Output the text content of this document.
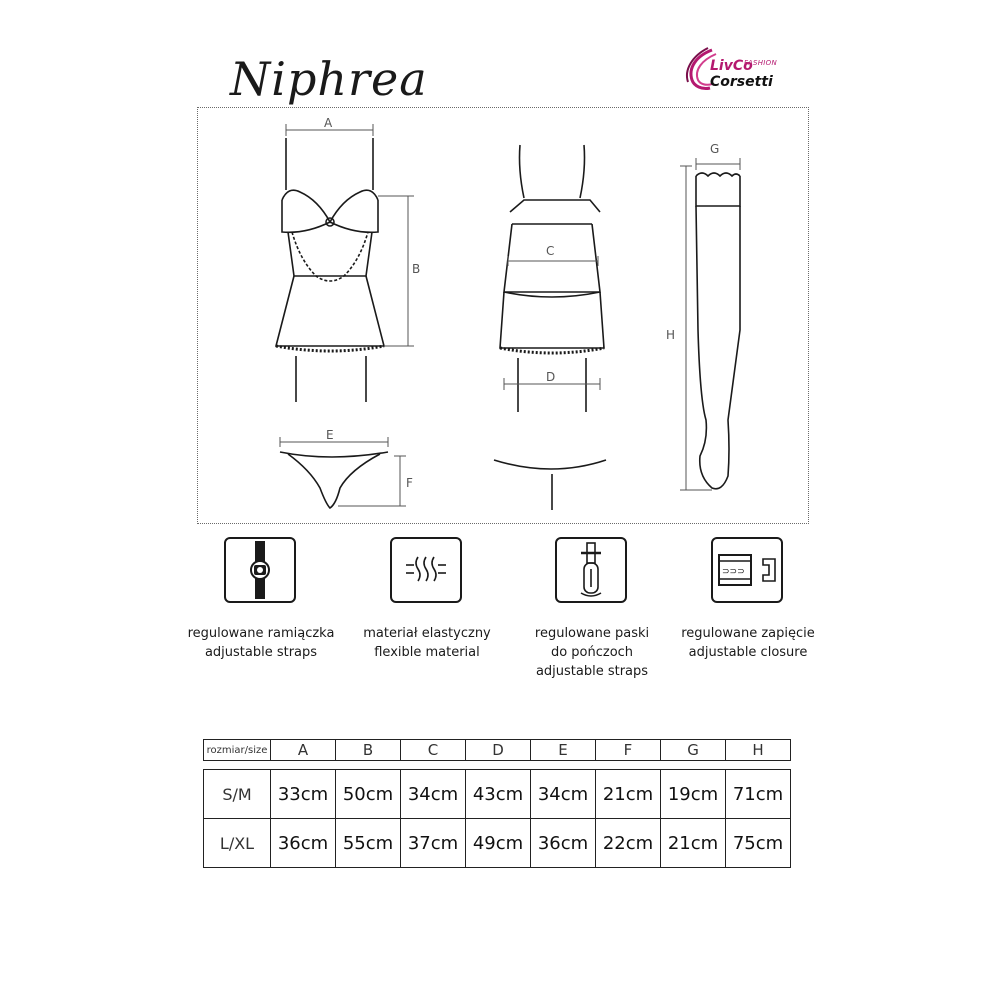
Niphrea	LivCo
FASHION
Corsetti
A
B
C
D
E
F
G
H
⊃⊃⊃
regulowane ramiączka
adjustable straps
materiał elastyczny
flexible material
regulowane paski
do pończoch
adjustable straps
regulowane zapięcie
adjustable closure
rozmiar/size	A	B	C	D	E	F	G	H

S/M	33cm	50cm	34cm	43cm	34cm	21cm	19cm	71cm
L/XL	36cm	55cm	37cm	49cm	36cm	22cm	21cm	75cm
